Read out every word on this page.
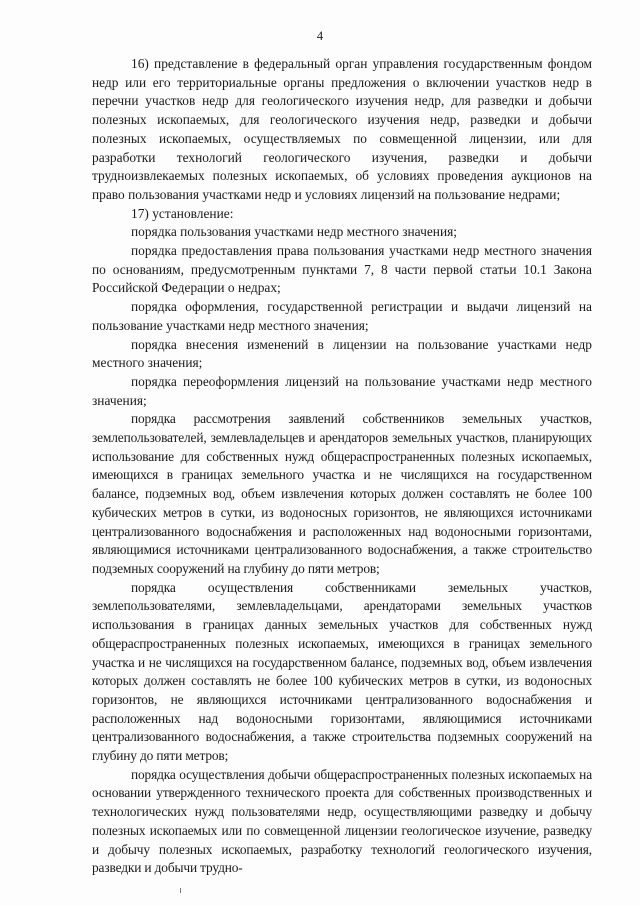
4

16) представление в федеральный орган управления государственным фондом недр или его территориальные органы предложения о включении участков недр в перечни участков недр для геологического изучения недр, для разведки и добычи полезных ископаемых, для геологического изучения недр, разведки и добычи полезных ископаемых, осуществляемых по совмещенной лицензии, или для разработки технологий геологического изучения, разведки и добычи трудноизвлекаемых полезных ископаемых, об условиях проведения аукционов на право пользования участками недр и условиях лицензий на пользование недрами;

17) установление:

порядка пользования участками недр местного значения;

порядка предоставления права пользования участками недр местного значения по основаниям, предусмотренным пунктами 7, 8 части первой статьи 10.1 Закона Российской Федерации о недрах;

порядка оформления, государственной регистрации и выдачи лицензий на пользование участками недр местного значения;

порядка внесения изменений в лицензии на пользование участками недр местного значения;

порядка переоформления лицензий на пользование участками недр местного значения;

порядка рассмотрения заявлений собственников земельных участков, землепользователей, землевладельцев и арендаторов земельных участков, планирующих использование для собственных нужд общераспространенных полезных ископаемых, имеющихся в границах земельного участка и не числящихся на государственном балансе, подземных вод, объем извлечения которых должен составлять не более 100 кубических метров в сутки, из водоносных горизонтов, не являющихся источниками централизованного водоснабжения и расположенных над водоносными горизонтами, являющимися источниками централизованного водоснабжения, а также строительство подземных сооружений на глубину до пяти метров;

порядка осуществления собственниками земельных участков, землепользователями, землевладельцами, арендаторами земельных участков использования в границах данных земельных участков для собственных нужд общераспространенных полезных ископаемых, имеющихся в границах земельного участка и не числящихся на государственном балансе, подземных вод, объем извлечения которых должен составлять не более 100 кубических метров в сутки, из водоносных горизонтов, не являющихся источниками централизованного водоснабжения и расположенных над водоносными горизонтами, являющимися источниками централизованного водоснабжения, а также строительства подземных сооружений на глубину до пяти метров;

порядка осуществления добычи общераспространенных полезных ископаемых на основании утвержденного технического проекта для собственных производственных и технологических нужд пользователями недр, осуществляющими разведку и добычу полезных ископаемых или по совмещенной лицензии геологическое изучение, разведку и добычу полезных ископаемых, разработку технологий геологического изучения, разведки и добычи трудно-
